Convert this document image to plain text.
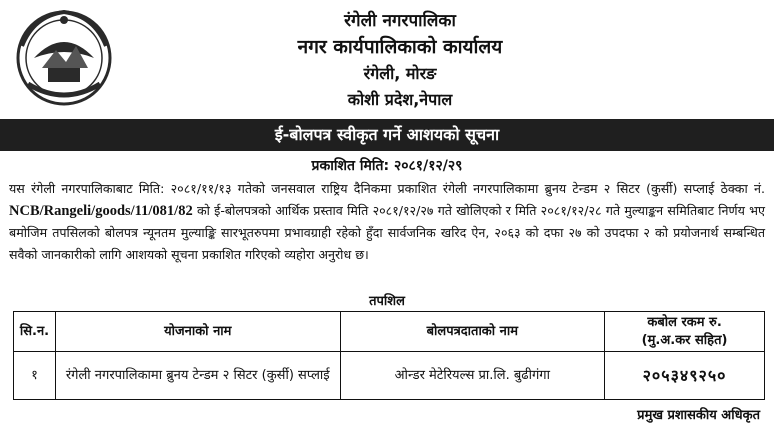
रंगेली नगरपालिका
नगर कार्यपालिकाको कार्यालय
रंगेली, मोरङ
कोशी प्रदेश,नेपाल
ई-बोलपत्र स्वीकृत गर्ने आशयको सूचना
प्रकाशित मिति: २०८१/१२/२९
यस रंगेली नगरपालिकाबाट मिति: २०८१/११/१३ गतेको जनसवाल राष्ट्रिय दैनिकमा प्रकाशित रंगेली नगरपालिकामा ब्रुनय टेन्डम २ सिटर (कुर्सी) सप्लाई ठेक्का नं. NCB/Rangeli/goods/11/081/82 को ई-बोलपत्रको आर्थिक प्रस्ताव मिति २०८१/१२/२७ गते खोलिएको र मिति २०८१/१२/२८ गते मुल्याङ्कन समितिबाट निर्णय भए बमोजिम तपसिलको बोलपत्र न्यूनतम मुल्याङ्कि सारभूतरुपमा प्रभावग्राही रहेको हुँदा सार्वजनिक खरिद ऐन, २०६३ को दफा २७ को उपदफा २ को प्रयोजनार्थ सम्बन्धित सवैको जानकारीको लागि आशयको सूचना प्रकाशित गरिएको व्यहोरा अनुरोध छ।
तपशिल
सि.न.	योजनाको नाम	बोलपत्रदाताको नाम	कबोल रकम रु.
(मु.अ.कर सहित)

१	रंगेली नगरपालिकामा ब्रुनय टेन्डम २ सिटर (कुर्सी) सप्लाई	ओन्डर मेटेरियल्स प्रा.लि. बुढीगंगा	२०५३४९२५०
प्रमुख प्रशासकीय अधिकृत
